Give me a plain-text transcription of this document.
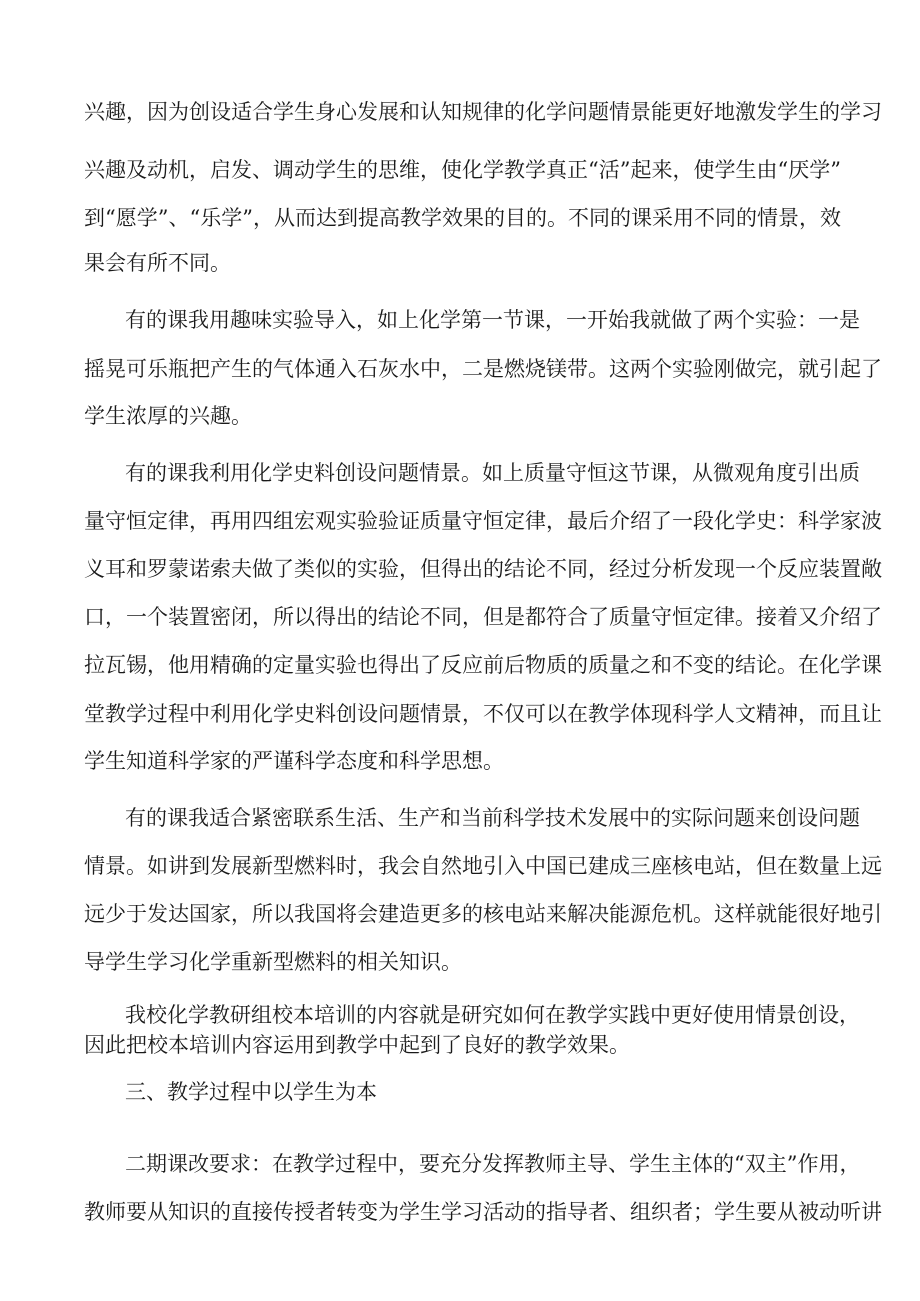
兴趣，因为创设适合学生身心发展和认知规律的化学问题情景能更好地激发学生的学习

兴趣及动机，启发、调动学生的思维，使化学教学真正“活”起来，使学生由“厌学”

到“愿学”、“乐学”，从而达到提高教学效果的目的。不同的课采用不同的情景，效

果会有所不同。

有的课我用趣味实验导入，如上化学第一节课，一开始我就做了两个实验：一是

摇晃可乐瓶把产生的气体通入石灰水中，二是燃烧镁带。这两个实验刚做完，就引起了

学生浓厚的兴趣。

有的课我利用化学史料创设问题情景。如上质量守恒这节课，从微观角度引出质

量守恒定律，再用四组宏观实验验证质量守恒定律，最后介绍了一段化学史：科学家波

义耳和罗蒙诺索夫做了类似的实验，但得出的结论不同，经过分析发现一个反应装置敞

口，一个装置密闭，所以得出的结论不同，但是都符合了质量守恒定律。接着又介绍了

拉瓦锡，他用精确的定量实验也得出了反应前后物质的质量之和不变的结论。在化学课

堂教学过程中利用化学史料创设问题情景，不仅可以在教学体现科学人文精神，而且让

学生知道科学家的严谨科学态度和科学思想。

有的课我适合紧密联系生活、生产和当前科学技术发展中的实际问题来创设问题

情景。如讲到发展新型燃料时，我会自然地引入中国已建成三座核电站，但在数量上远

远少于发达国家，所以我国将会建造更多的核电站来解决能源危机。这样就能很好地引

导学生学习化学重新型燃料的相关知识。

我校化学教研组校本培训的内容就是研究如何在教学实践中更好使用情景创设，

因此把校本培训内容运用到教学中起到了良好的教学效果。

三、教学过程中以学生为本

二期课改要求：在教学过程中，要充分发挥教师主导、学生主体的“双主”作用，

教师要从知识的直接传授者转变为学生学习活动的指导者、组织者；学生要从被动听讲
